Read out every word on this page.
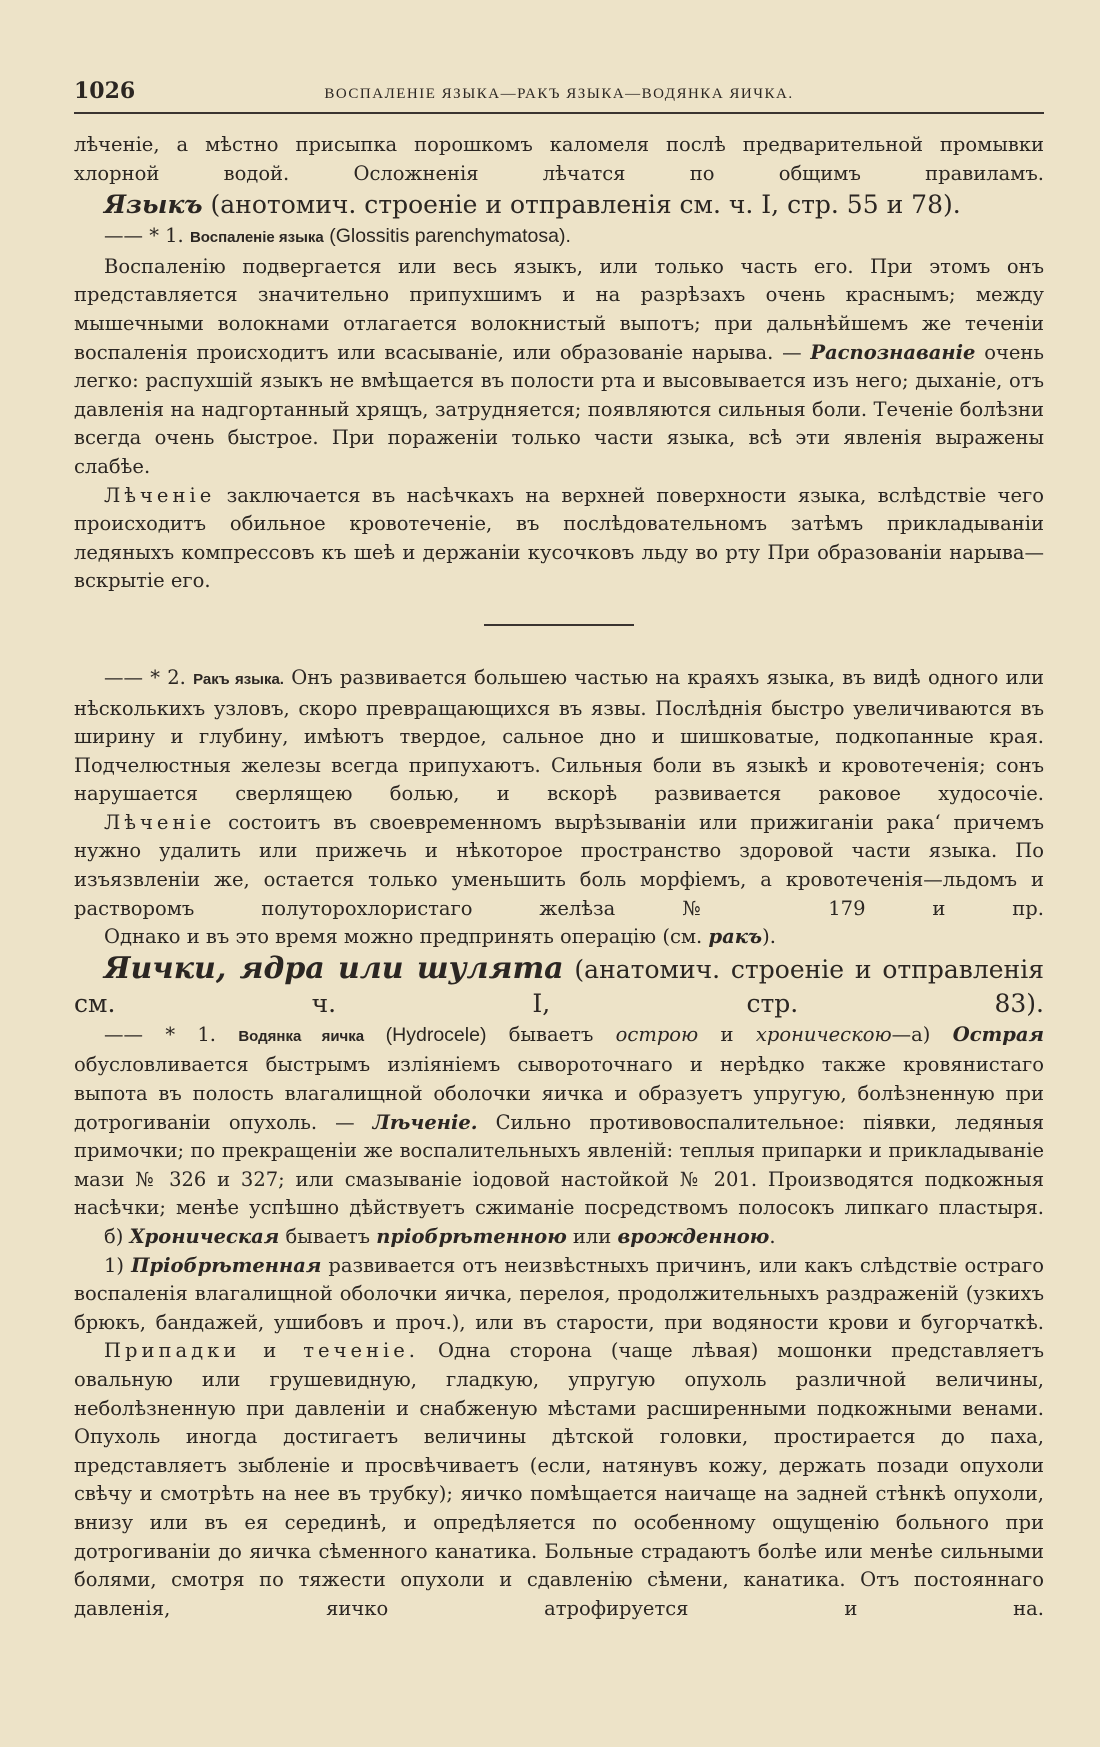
1026	ВОСПАЛЕНІЕ ЯЗЫКА—РАКЪ ЯЗЫКА—ВОДЯНКА ЯИЧКА.

лѣченіе, а мѣстно присыпка порошкомъ каломеля послѣ предварительной промывки хлорной водой. Осложненія лѣчатся по общимъ правиламъ.

Языкъ (анотомич. строеніе и отправленія см. ч. I, стр. 55 и 78).

—— * 1. Воспаленіе языка (Glossitis parenchymatosa).

Воспаленію подвергается или весь языкъ, или только часть его. При этомъ онъ представляется значительно припухшимъ и на разрѣзахъ очень краснымъ; между мышечными волокнами отлагается волокнистый выпотъ; при дальнѣйшемъ же теченіи воспаленія происходитъ или всасываніе, или образованіе нарыва. — Распознаваніе очень легко: распухшій языкъ не вмѣщается въ полости рта и высовывается изъ него; дыханіе, отъ давленія на надгортанный хрящъ, затрудняется; появляются сильныя боли. Теченіе болѣзни всегда очень быстрое. При пораженіи только части языка, всѣ эти явленія выражены слабѣе.

Лѣченіе заключается въ насѣчкахъ на верхней поверхности языка, вслѣдствіе чего происходитъ обильное кровотеченіе, въ послѣдовательномъ затѣмъ прикладываніи ледяныхъ компрессовъ къ шеѣ и держаніи кусочковъ льду во рту При образованіи нарыва—вскрытіе его.

—— * 2. Ракъ языка. Онъ развивается большею частью на краяхъ языка, въ видѣ одного или нѣсколькихъ узловъ, скоро превращающихся въ язвы. Послѣднія быстро увеличиваются въ ширину и глубину, имѣютъ твердое, сальное дно и шишковатые, подкопанные края. Подчелюстныя железы всегда припухаютъ. Сильныя боли въ языкѣ и кровотеченія; сонъ нарушается сверлящею болью, и вскорѣ развивается раковое худосочіе.

Лѣченіе состоитъ въ своевременномъ вырѣзываніи или прижиганіи рака‘ причемъ нужно удалить или прижечь и нѣкоторое пространство здоровой части языка. По изъязвленіи же, остается только уменьшить боль морфіемъ, а кровотеченія—льдомъ и растворомъ полуторохлористаго желѣза № 179 и пр.

Однако и въ это время можно предпринять операцію (см. ракъ).

Яички, ядра или шулята (анатомич. строеніе и отправленія см. ч. I, стр. 83).

—— * 1. Водянка яичка (Hydrocele) бываетъ острою и хроническою—а) Острая обусловливается быстрымъ изліяніемъ сывороточнаго и нерѣдко также кровянистаго выпота въ полость влагалищной оболочки яичка и образуетъ упругую, болѣзненную при дотрогиваніи опухоль. — Лѣченіе. Сильно противовоспалительное: піявки, ледяныя примочки; по прекращеніи же воспалительныхъ явленій: теплыя припарки и прикладываніе мази № 326 и 327; или смазываніе іодовой настойкой № 201. Производятся подкожныя насѣчки; менѣе успѣшно дѣйствуетъ сжиманіе посредствомъ полосокъ липкаго пластыря.

б) Хроническая бываетъ пріобрѣтенною или врожденною.

1) Пріобрѣтенная развивается отъ неизвѣстныхъ причинъ, или какъ слѣдствіе остраго воспаленія влагалищной оболочки яичка, перелоя, продолжительныхъ раздраженій (узкихъ брюкъ, бандажей, ушибовъ и проч.), или въ старости, при водяности крови и бугорчаткѣ.

Припадки и теченіе. Одна сторона (чаще лѣвая) мошонки представляетъ овальную или грушевидную, гладкую, упругую опухоль различной величины, неболѣзненную при давленіи и снабженую мѣстами расширенными подкожными венами. Опухоль иногда достигаетъ величины дѣтской головки, простирается до паха, представляетъ зыбленіе и просвѣчиваетъ (если, натянувъ кожу, держать позади опухоли свѣчу и смотрѣть на нее въ трубку); яичко помѣщается наичаще на задней стѣнкѣ опухоли, внизу или въ ея серединѣ, и опредѣляется по особенному ощущенію больного при дотрогиваніи до яичка сѣменного канатика. Больные страдаютъ болѣе или менѣе сильными болями, смотря по тяжести опухоли и сдавленію сѣмени, канатика. Отъ постояннаго давленія, яичко атрофируется и на.
